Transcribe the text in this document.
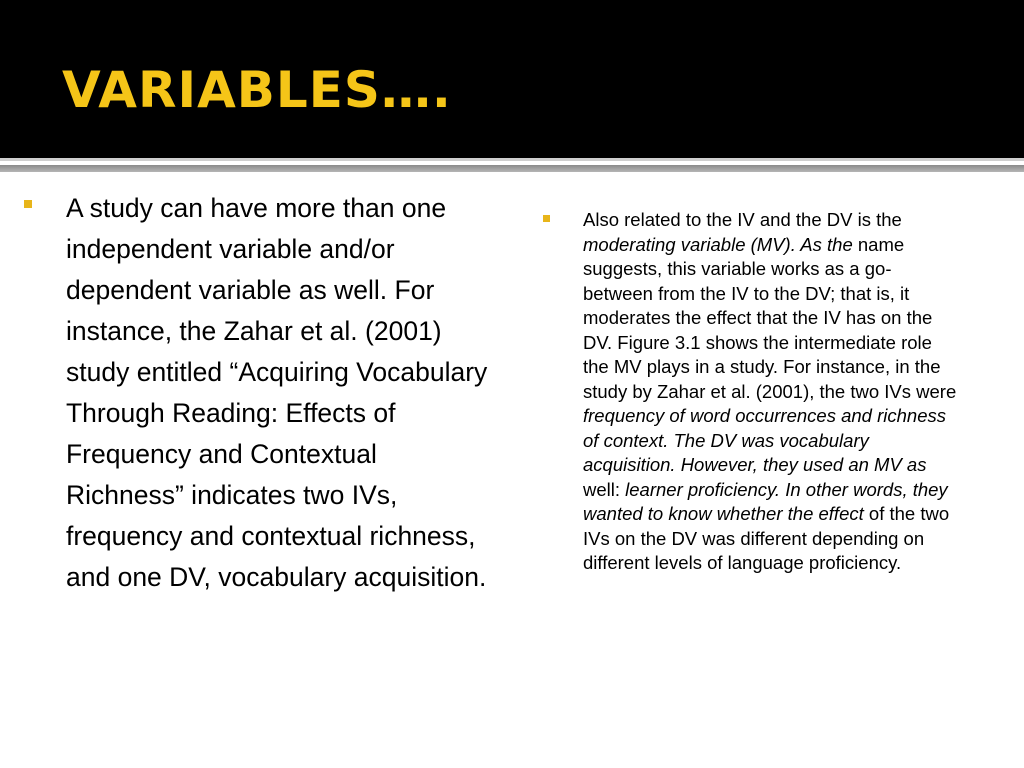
VARIABLES….

A study can have more than one independent variable and/or dependent variable as well. For instance, the Zahar et al. (2001) study entitled “Acquiring Vocabulary Through Reading: Effects of Frequency and Contextual Richness” indicates two IVs, frequency and contextual richness, and one DV, vocabulary acquisition.

Also related to the IV and the DV is the moderating variable (MV). As the name suggests, this variable works as a go-between from the IV to the DV; that is, it moderates the effect that the IV has on the DV. Figure 3.1 shows the intermediate role the MV plays in a study. For instance, in the study by Zahar et al. (2001), the two IVs were frequency of word occurrences and richness of context. The DV was vocabulary acquisition. However, they used an MV as well: learner proficiency. In other words, they wanted to know whether the effect of the two IVs on the DV was different depending on different levels of language proficiency.
